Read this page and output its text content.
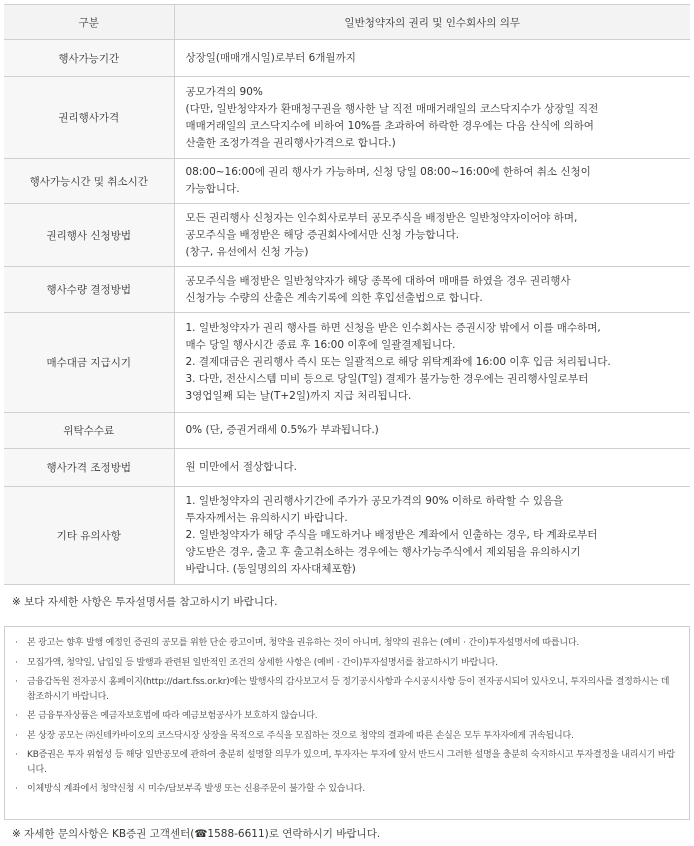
구분	일반청약자의 권리 및 인수회사의 의무
행사가능기간	상장일(매매개시일)로부터 6개월까지

권리행사가격	공모가격의 90%

(다만, 일반청약자가 환매청구권을 행사한 날 직전 매매거래일의 코스닥지수가 상장일 직전

매매거래일의 코스닥지수에 비하여 10%를 초과하여 하락한 경우에는 다음 산식에 의하여

산출한 조정가격을 권리행사가격으로 합니다.)

행사가능시간 및 취소시간	08:00~16:00에 권리 행사가 가능하며, 신청 당일 08:00~16:00에 한하여 취소 신청이

가능합니다.

권리행사 신청방법	모든 권리행사 신청자는 인수회사로부터 공모주식을 배정받은 일반청약자이어야 하며,

공모주식을 배정받은 해당 증권회사에서만 신청 가능합니다.

(창구, 유선에서 신청 가능)

행사수량 결정방법	공모주식을 배정받은 일반청약자가 해당 종목에 대하여 매매를 하였을 경우 권리행사

신청가능 수량의 산출은 계속기록에 의한 후입선출법으로 합니다.

매수대금 지급시기	1. 일반청약자가 권리 행사를 하면 신청을 받은 인수회사는 증권시장 밖에서 이를 매수하며,

매수 당일 행사시간 종료 후 16:00 이후에 일괄결제됩니다.

2. 결제대금은 권리행사 즉시 또는 일괄적으로 해당 위탁계좌에 16:00 이후 입금 처리됩니다.

3. 다만, 전산시스템 미비 등으로 당일(T일) 결제가 불가능한 경우에는 권리행사일로부터

3영업일째 되는 날(T+2일)까지 지급 처리됩니다.

위탁수수료	0% (단, 증권거래세 0.5%가 부과됩니다.)

행사가격 조정방법	원 미만에서 절상합니다.

기타 유의사항	1. 일반청약자의 권리행사기간에 주가가 공모가격의 90% 이하로 하락할 수 있음을

투자자께서는 유의하시기 바랍니다.

2. 일반청약자가 해당 주식을 매도하거나 배정받은 계좌에서 인출하는 경우, 타 계좌로부터

양도받은 경우, 출고 후 출고취소하는 경우에는 행사가능주식에서 제외됨을 유의하시기

바랍니다. (동일명의의 자사대체포함)

※ 보다 자세한 사항은 투자설명서를 참고하시기 바랍니다.
· 본 광고는 향후 발행 예정인 증권의 공모를 위한 단순 광고이며, 청약을 권유하는 것이 아니며, 청약의 권유는 (예비 · 간이)투자설명서에 따릅니다.
· 모집가액, 청약일, 납입일 등 발행과 관련된 일반적인 조건의 상세한 사항은 (예비 · 간이)투자설명서를 참고하시기 바랍니다.
· 금융감독원 전자공시 홈페이지(http://dart.fss.or.kr)에는 발행사의 감사보고서 등 정기공시사항과 수시공시사항 등이 전자공시되어 있사오니, 투자의사를 결정하시는 데 참조하시기 바랍니다.
· 본 금융투자상품은 예금자보호법에 따라 예금보험공사가 보호하지 않습니다.
· 본 상장 공모는 ㈜신테카바이오의 코스닥시장 상장을 목적으로 주식을 모집하는 것으로 청약의 결과에 따른 손실은 모두 투자자에게 귀속됩니다.
· KB증권은 투자 위험성 등 해당 일반공모에 관하여 충분히 설명할 의무가 있으며, 투자자는 투자에 앞서 반드시 그러한 설명을 충분히 숙지하시고 투자결정을 내리시기 바랍니다.
· 이체방식 계좌에서 청약신청 시 미수/담보부족 발생 또는 신용주문이 불가할 수 있습니다.
※ 자세한 문의사항은 KB증권 고객센터(☎1588-6611)로 연락하시기 바랍니다.
